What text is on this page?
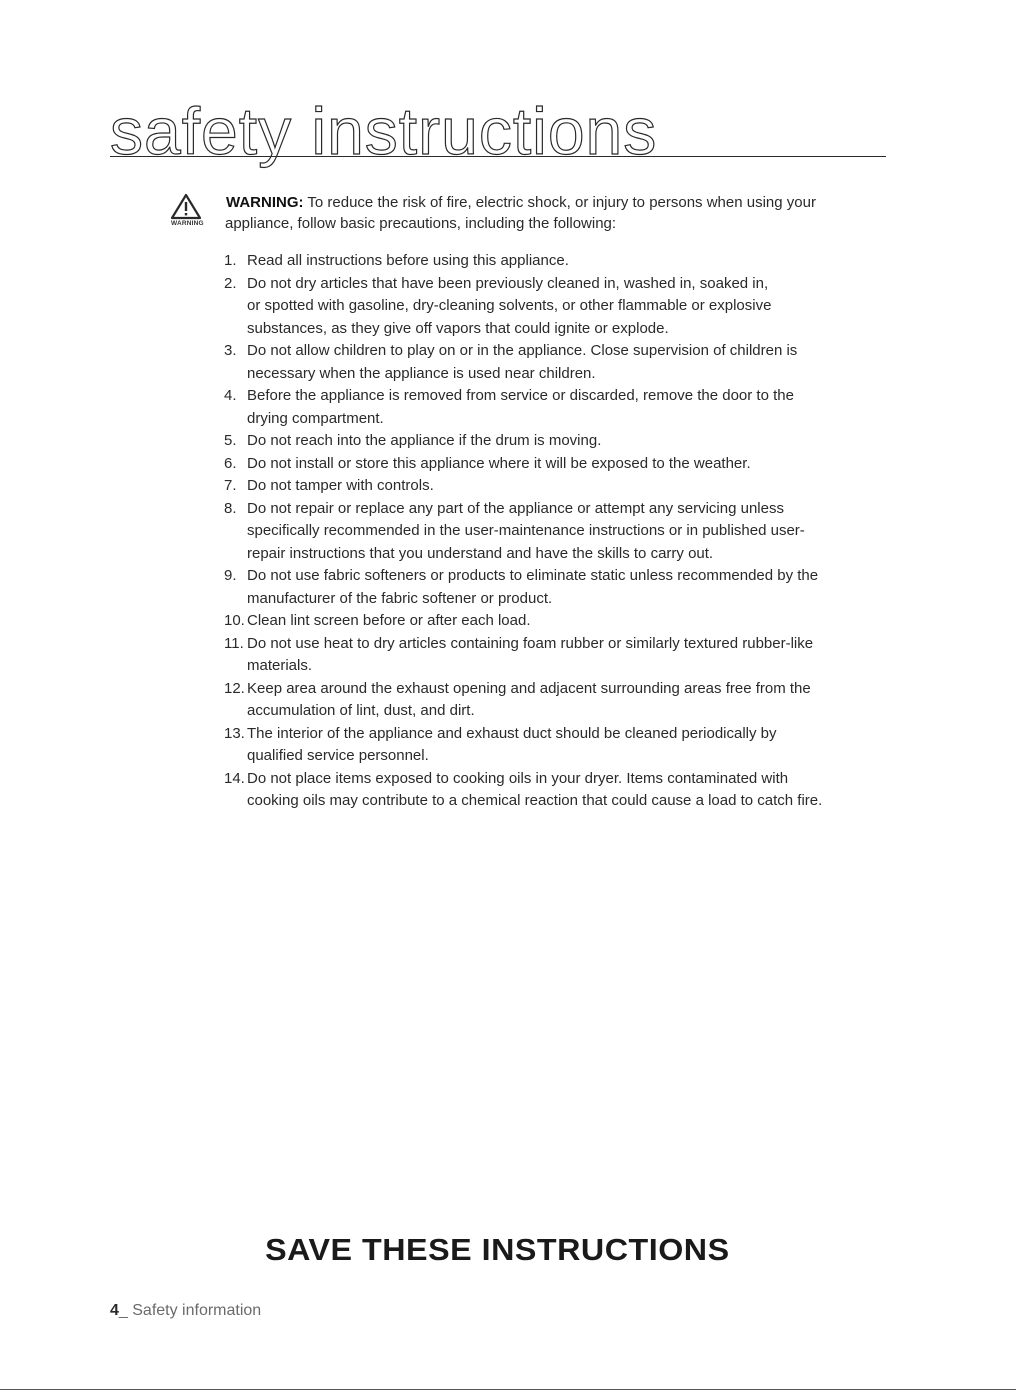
safety instructions
WARNING
WARNING: To reduce the risk of fire, electric shock, or injury to persons when using your
appliance, follow basic precautions, including the following:
1. Read all instructions before using this appliance.
2. Do not dry articles that have been previously cleaned in, washed in, soaked in,
or spotted with gasoline, dry-cleaning solvents, or other flammable or explosive
substances, as they give off vapors that could ignite or explode.
3. Do not allow children to play on or in the appliance. Close supervision of children is
necessary when the appliance is used near children.
4. Before the appliance is removed from service or discarded, remove the door to the
drying compartment.
5. Do not reach into the appliance if the drum is moving.
6. Do not install or store this appliance where it will be exposed to the weather.
7. Do not tamper with controls.
8. Do not repair or replace any part of the appliance or attempt any servicing unless
specifically recommended in the user-maintenance instructions or in published user-
repair instructions that you understand and have the skills to carry out.
9. Do not use fabric softeners or products to eliminate static unless recommended by the
manufacturer of the fabric softener or product.
10. Clean lint screen before or after each load.
11. Do not use heat to dry articles containing foam rubber or similarly textured rubber-like
materials.
12. Keep area around the exhaust opening and adjacent surrounding areas free from the
accumulation of lint, dust, and dirt.
13. The interior of the appliance and exhaust duct should be cleaned periodically by
qualified service personnel.
14. Do not place items exposed to cooking oils in your dryer. Items contaminated with
cooking oils may contribute to a chemical reaction that could cause a load to catch fire.
SAVE THESE INSTRUCTIONS
4_ Safety information
